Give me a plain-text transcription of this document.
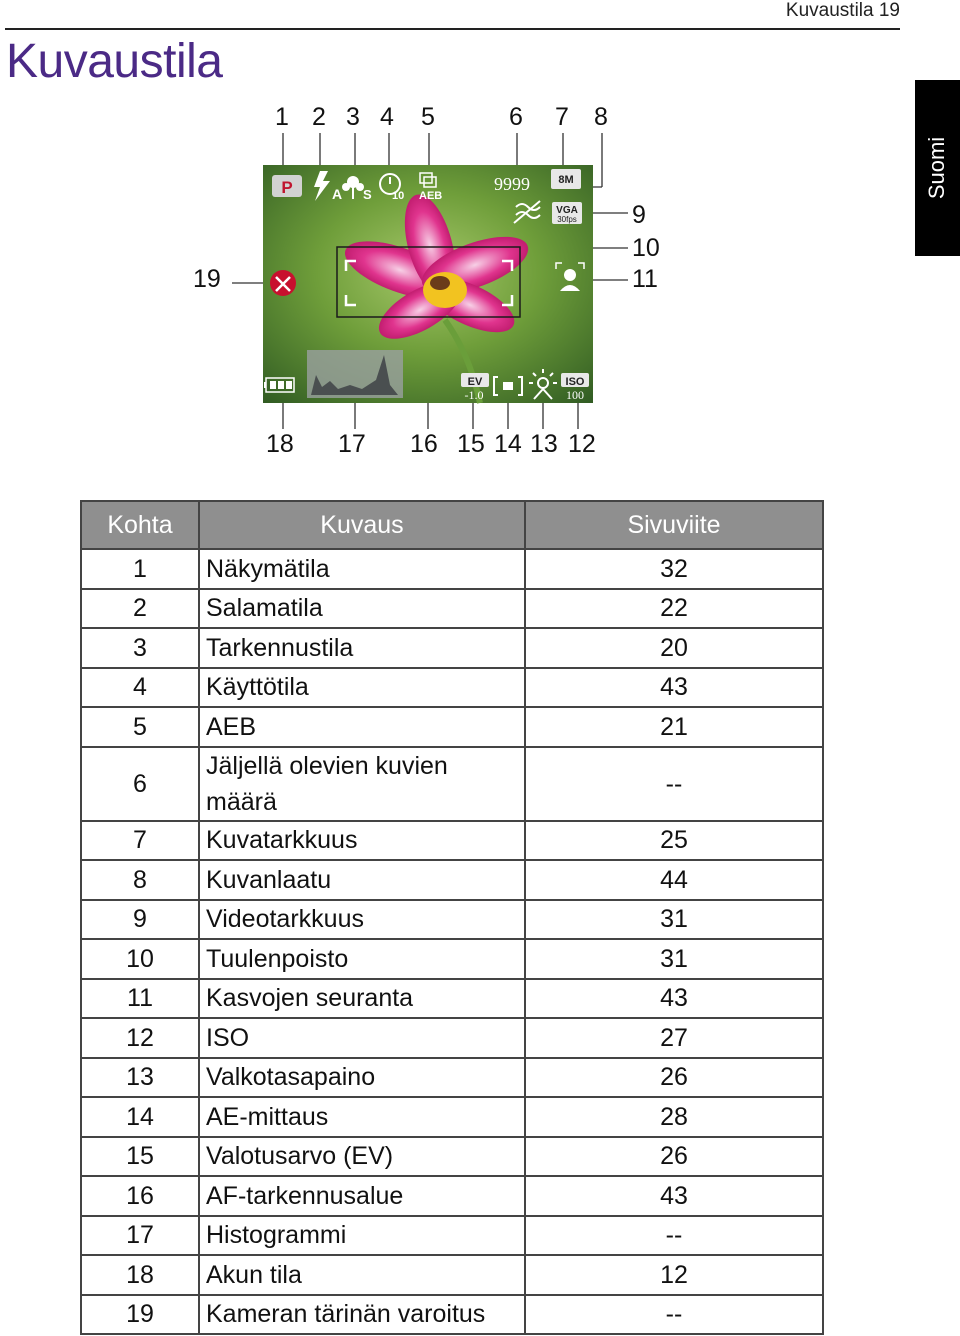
Kuvaustila 19
Kuvaustila
Suomi
1 2 3 4 5	6 7 8
9
10
11
19
18 17 16 15 14 13 12
P	A S 10 AEB
9999	8M
VGA
30fps
EV
-1.0
ISO
100
Kohta	Kuvaus	Sivuviite
1	Näkymätila	32
2	Salamatila	22
3	Tarkennustila	20
4	Käyttötila	43
5	AEB	21
6	Jäljellä olevien kuvien määrä	--
7	Kuvatarkkuus	25
8	Kuvanlaatu	44
9	Videotarkkuus	31
10	Tuulenpoisto	31
11	Kasvojen seuranta	43
12	ISO	27
13	Valkotasapaino	26
14	AE-mittaus	28
15	Valotusarvo (EV)	26
16	AF-tarkennusalue	43
17	Histogrammi	--
18	Akun tila	12
19	Kameran tärinän varoitus	--
